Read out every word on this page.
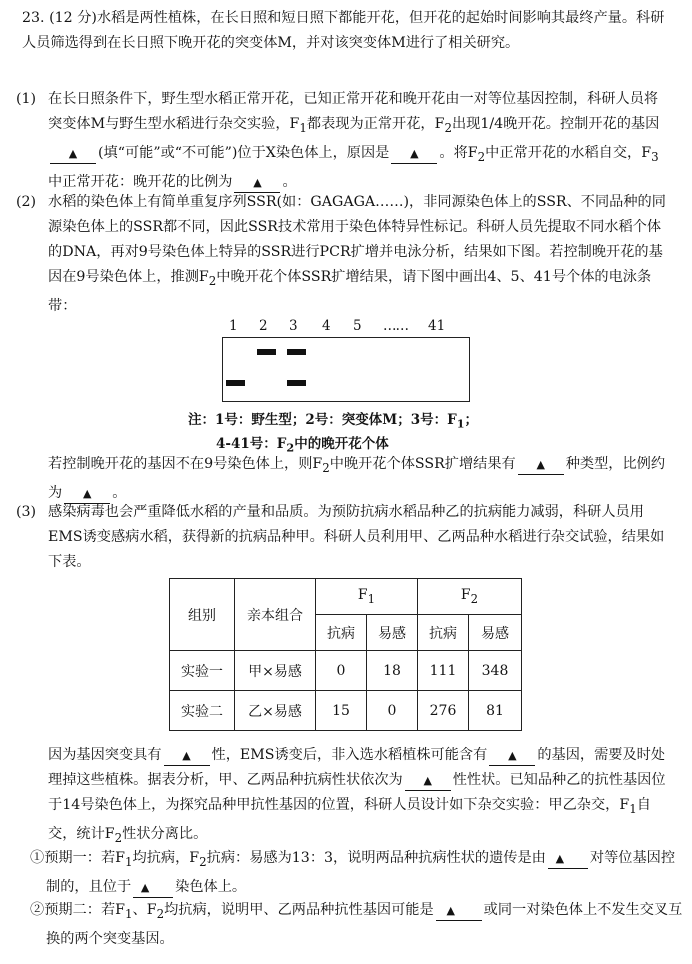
23. (12 分)水稻是两性植株，在长日照和短日照下都能开花，但开花的起始时间影响其最终产量。科研人员筛选得到在长日照下晚开花的突变体M，并对该突变体M进行了相关研究。

(1) 在长日照条件下，野生型水稻正常开花，已知正常开花和晚开花由一对等位基因控制，科研人员将突变体M与野生型水稻进行杂交实验，$F_1$都表现为正常开花，$F_2$出现1/4晚开花。控制开花的基因▲ (填“可能”或“不可能”)位于X染色体上，原因是 ▲ 。将$F_2$中正常开花的水稻自交，$F_3$中正常开花：晚开花的比例为 ▲ 。

(2) 水稻的染色体上有简单重复序列SSR(如：GAGAGA……)，非同源染色体上的SSR、不同品种的同源染色体上的SSR都不同，因此SSR技术常用于染色体特异性标记。科研人员先提取不同水稻个体的DNA，再对9号染色体上特异的SSR进行PCR扩增并电泳分析，结果如下图。若控制晚开花的基因在9号染色体上，推测$F_2$中晚开花个体SSR扩增结果，请下图中画出4、5、41号个体的电泳条带：

1 2 3 4 5 …… 41
注：1号：野生型；2号：突变体M；3号：$F_1$；
4-41号：$F_2$中的晚开花个体

若控制晚开花的基因不在9号染色体上，则$F_2$中晚开花个体SSR扩增结果有 ▲ 种类型，比例约为 ▲ 。

(3) 感染病毒也会严重降低水稻的产量和品质。为预防抗病水稻品种乙的抗病能力减弱，科研人员用EMS诱变感病水稻，获得新的抗病品种甲。科研人员利用甲、乙两品种水稻进行杂交试验，结果如下表。

组别	亲本组合	$F_1$		$F_2$
		抗病	易感	抗病	易感
实验一	甲×易感	0	18	111	348
实验二	乙×易感	15	0	276	81

因为基因突变具有 ▲ 性，EMS诱变后，非入选水稻植株可能含有 ▲ 的基因，需要及时处理掉这些植株。据表分析，甲、乙两品种抗病性状依次为 ▲ 性性状。已知品种乙的抗性基因位于14号染色体上，为探究品种甲抗性基因的位置，科研人员设计如下杂交实验：甲乙杂交，$F_1$自交，统计$F_2$性状分离比。

①预期一：若$F_1$均抗病，$F_2$抗病：易感为13：3，说明两品种抗病性状的遗传是由 ▲ 对等位基因控制的，且位于 ▲ 染色体上。

②预期二：若$F_1$、$F_2$均抗病，说明甲、乙两品种抗性基因可能是 ▲ 或同一对染色体上不发生交叉互换的两个突变基因。
